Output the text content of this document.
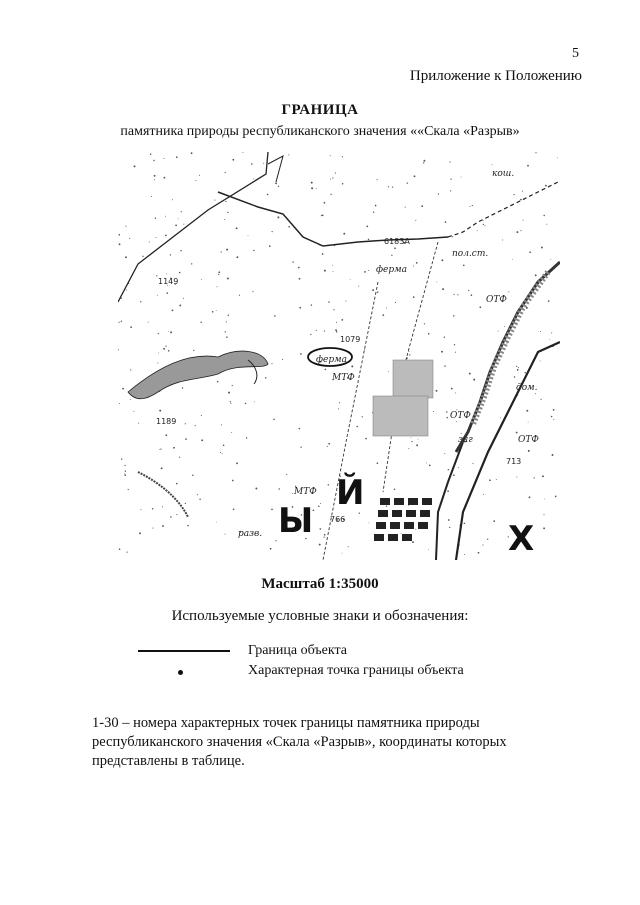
5
Приложение к Положению
ГРАНИЦА
памятника природы республиканского значения ««Скала «Разрыв»
1149
1079
1189
766
713
6183А
ферма
ферма
пол.ст.
МТФ
ОТФ
ОТФ
ОТФ
МТФ
разв. Ы
Й
Х
кош.
дом.
заг
Масштаб 1:35000
Используемые условные знаки и обозначения:
Граница объекта
Характерная точка границы объекта
1-30 – номера характерных точек границы памятника природы республиканского значения «Скала «Разрыв», координаты которых представлены в таблице.
